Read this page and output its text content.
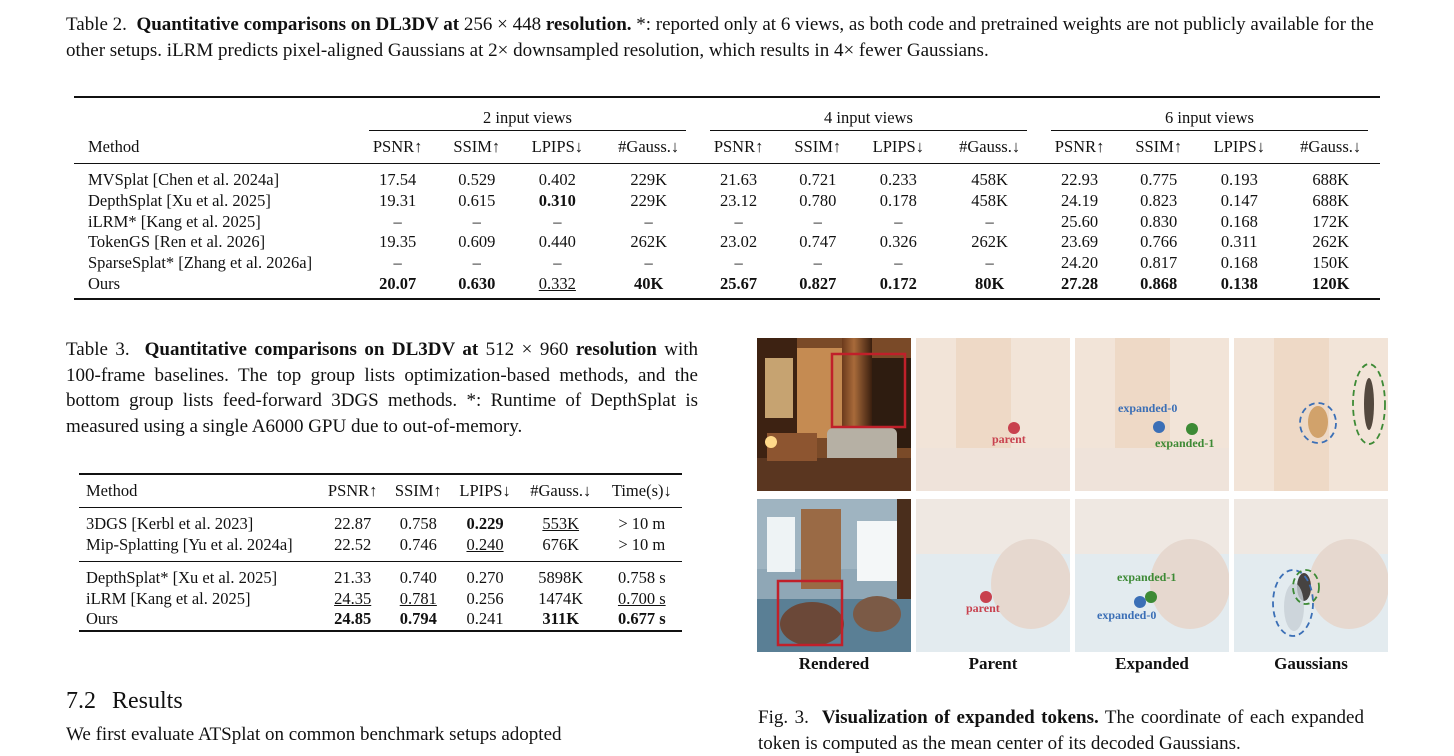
Table 2. Quantitative comparisons on DL3DV at 256 × 448 resolution. *: reported only at 6 views, as both code and pretrained weights are not publicly available for the other setups. iLRM predicts pixel-aligned Gaussians at 2× downsampled resolution, which results in 4× fewer Gaussians.

	2 input views				4 input views				6 input views			

Method	PSNR↑	SSIM↑	LPIPS↓	#Gauss.↓	PSNR↑	SSIM↑	LPIPS↓	#Gauss.↓	PSNR↑	SSIM↑	LPIPS↓	#Gauss.↓
MVSplat [Chen et al. 2024a]	17.54	0.529	0.402	229K	21.63	0.721	0.233	458K	22.93	0.775	0.193	688K
DepthSplat [Xu et al. 2025]	19.31	0.615	0.310	229K	23.12	0.780	0.178	458K	24.19	0.823	0.147	688K
iLRM* [Kang et al. 2025]	–	–	–	–	–	–	–	–	25.60	0.830	0.168	172K
TokenGS [Ren et al. 2026]	19.35	0.609	0.440	262K	23.02	0.747	0.326	262K	23.69	0.766	0.311	262K
SparseSplat* [Zhang et al. 2026a]	–	–	–	–	–	–	–	–	24.20	0.817	0.168	150K
Ours	20.07	0.630	0.332	40K	25.67	0.827	0.172	80K	27.28	0.868	0.138	120K
Table 3. Quantitative comparisons on DL3DV at 512 × 960 resolution with 100-frame baselines. The top group lists optimization-based methods, and the bottom group lists feed-forward 3DGS methods. *: Runtime of DepthSplat is measured using a single A6000 GPU due to out-of-memory.
Method	PSNR↑	SSIM↑	LPIPS↓	#Gauss.↓	Time(s)↓
3DGS [Kerbl et al. 2023]	22.87	0.758	0.229	553K	> 10 m
Mip-Splatting [Yu et al. 2024a]	22.52	0.746	0.240	676K	> 10 m
DepthSplat* [Xu et al. 2025]	21.33	0.740	0.270	5898K	0.758 s
iLRM [Kang et al. 2025]	24.35	0.781	0.256	1474K	0.700 s
Ours	24.85	0.794	0.241	311K	0.677 s
7.2 Results
We first evaluate ATSplat on common benchmark setups adopted
parent
expanded-0
expanded-1
parent
expanded-1
expanded-0
Rendered	Parent	Expanded	Gaussians
Fig. 3. Visualization of expanded tokens. The coordinate of each expanded token is computed as the mean center of its decoded Gaussians.
